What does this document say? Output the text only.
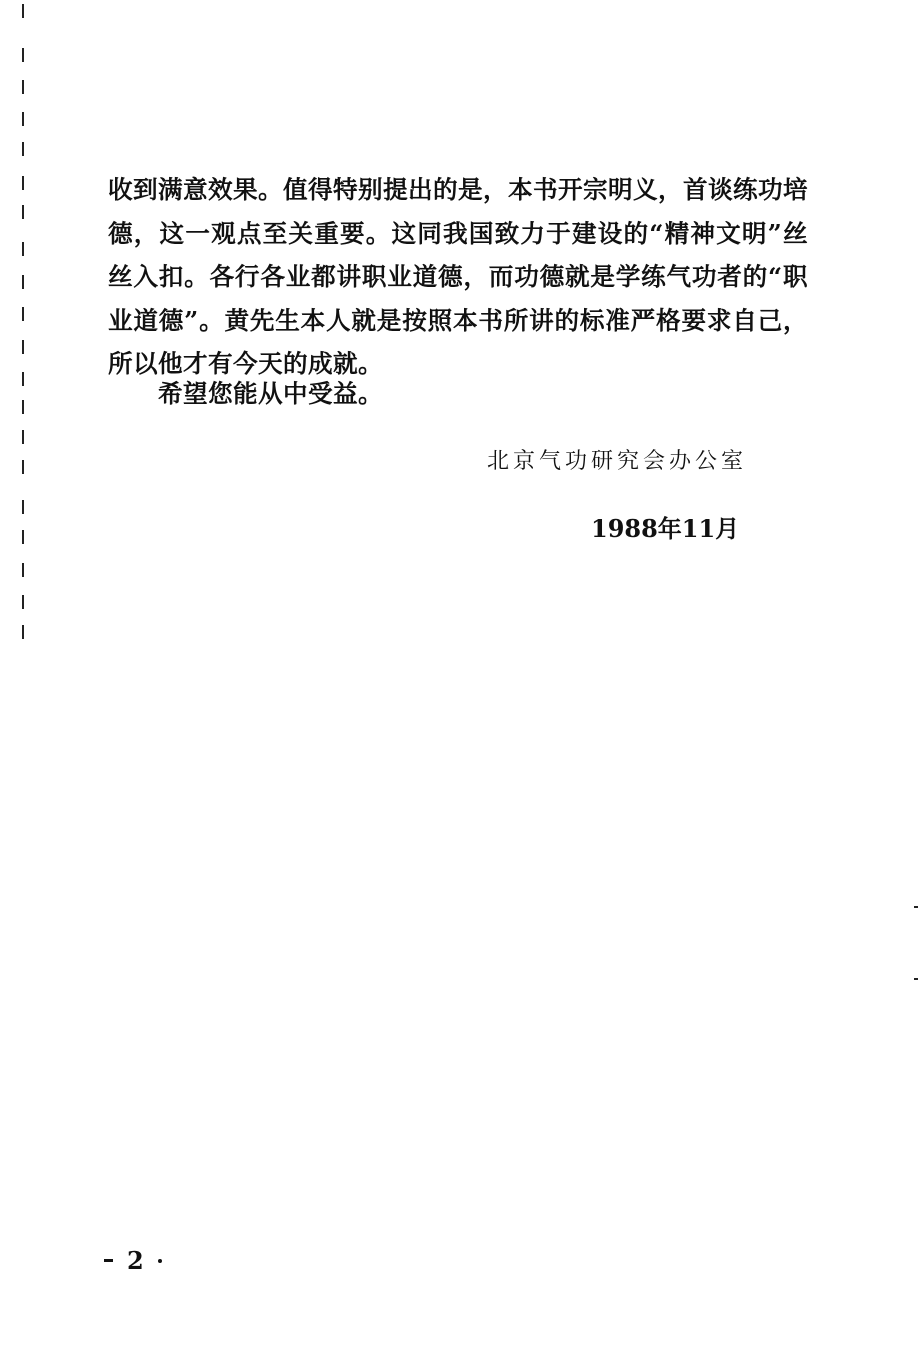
收到满意效果。值得特别提出的是，本书开宗明义，首谈练功培德，这一观点至关重要。这同我国致力于建设的“精神文明”丝丝入扣。各行各业都讲职业道德，而功德就是学练气功者的“职业道德”。黄先生本人就是按照本书所讲的标准严格要求自己，所以他才有今天的成就。

希望您能从中受益。
北京气功研究会办公室
1988年11月
2
